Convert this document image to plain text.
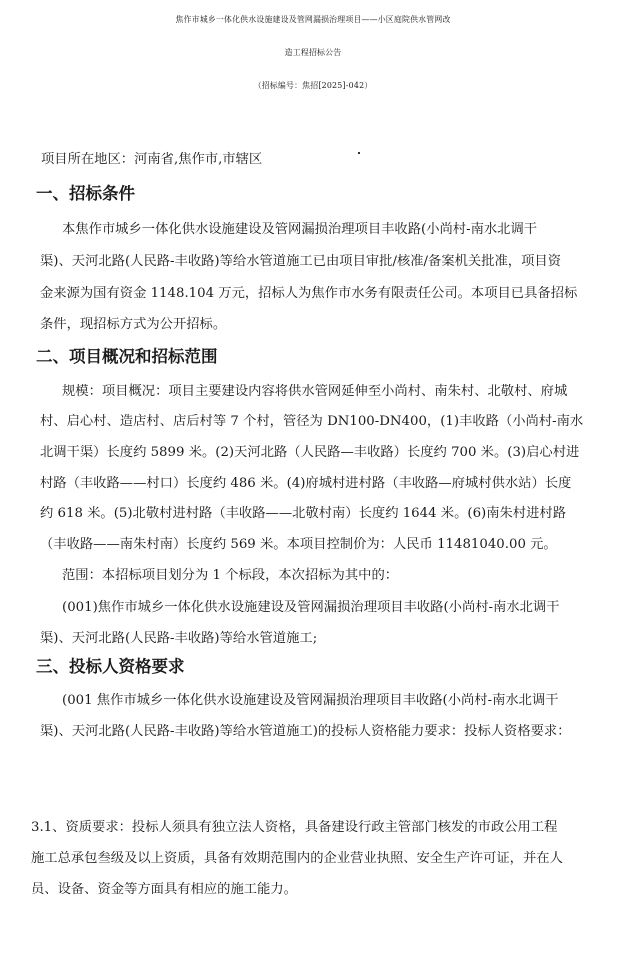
焦作市城乡一体化供水设施建设及管网漏损治理项目——小区庭院供水管网改
造工程招标公告
（招标编号：焦招[2025]-042）
项目所在地区：河南省,焦作市,市辖区
一、招标条件
本焦作市城乡一体化供水设施建设及管网漏损治理项目丰收路(小尚村-南水北调干
渠)、天河北路(人民路-丰收路)等给水管道施工已由项目审批/核准/备案机关批准，项目资
金来源为国有资金 1148.104 万元，招标人为焦作市水务有限责任公司。本项目已具备招标
条件，现招标方式为公开招标。
二、项目概况和招标范围
规模：项目概况：项目主要建设内容将供水管网延伸至小尚村、南朱村、北敬村、府城
村、启心村、造店村、店后村等 7 个村，管径为 DN100-DN400，(1)丰收路（小尚村-南水
北调干渠）长度约 5899 米。(2)天河北路（人民路—丰收路）长度约 700 米。(3)启心村进
村路（丰收路——村口）长度约 486 米。(4)府城村进村路（丰收路—府城村供水站）长度
约 618 米。(5)北敬村进村路（丰收路——北敬村南）长度约 1644 米。(6)南朱村进村路
（丰收路——南朱村南）长度约 569 米。本项目控制价为：人民币 11481040.00 元。
范围：本招标项目划分为 1 个标段，本次招标为其中的：
(001)焦作市城乡一体化供水设施建设及管网漏损治理项目丰收路(小尚村-南水北调干
渠)、天河北路(人民路-丰收路)等给水管道施工;
三、投标人资格要求
(001 焦作市城乡一体化供水设施建设及管网漏损治理项目丰收路(小尚村-南水北调干
渠)、天河北路(人民路-丰收路)等给水管道施工)的投标人资格能力要求：投标人资格要求：
3.1、资质要求：投标人须具有独立法人资格，具备建设行政主管部门核发的市政公用工程
施工总承包叁级及以上资质，具备有效期范围内的企业营业执照、安全生产许可证，并在人
员、设备、资金等方面具有相应的施工能力。
